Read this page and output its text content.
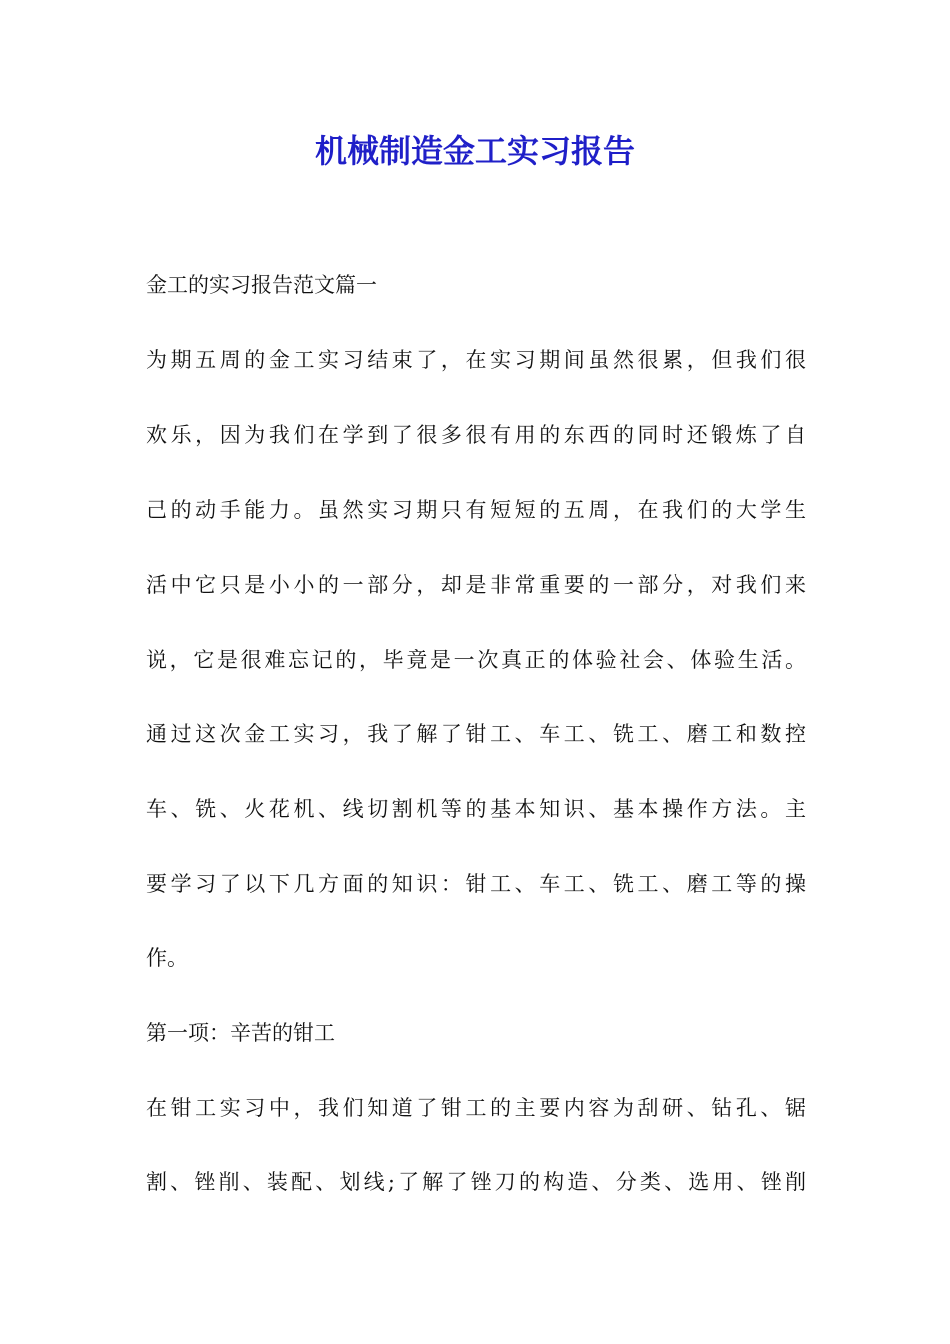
机械制造金工实习报告

金工的实习报告范文篇一

为期五周的金工实习结束了，在实习期间虽然很累，但我们很

欢乐，因为我们在学到了很多很有用的东西的同时还锻炼了自

己的动手能力。虽然实习期只有短短的五周，在我们的大学生

活中它只是小小的一部分，却是非常重要的一部分，对我们来

说，它是很难忘记的，毕竟是一次真正的体验社会、体验生活。

通过这次金工实习，我了解了钳工、车工、铣工、磨工和数控

车、铣、火花机、线切割机等的基本知识、基本操作方法。主

要学习了以下几方面的知识：钳工、车工、铣工、磨工等的操

作。

第一项：辛苦的钳工

在钳工实习中，我们知道了钳工的主要内容为刮研、钻孔、锯

割、锉削、装配、划线;了解了锉刀的构造、分类、选用、锉削
